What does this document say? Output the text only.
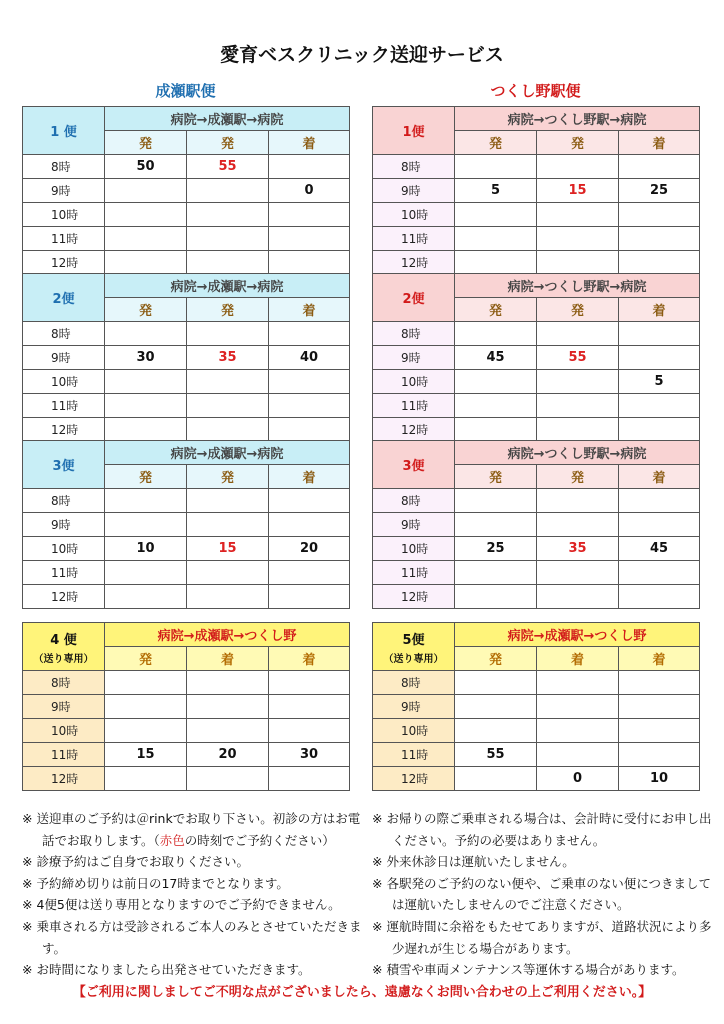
愛育ベスクリニック送迎サービス
成瀬駅便	つくし野駅便
1 便	病院→成瀬駅→病院		
	発	発	着
8時	50	55	
9時			0
10時			
11時			
12時			
2便	病院→成瀬駅→病院		
	発	発	着
8時			
9時	30	35	40
10時			
11時			
12時			
3便	病院→成瀬駅→病院		
	発	発	着
8時			
9時			
10時	10	15	20
11時			
12時			
1便	病院→つくし野駅→病院		
	発	発	着
8時			
9時	5	15	25
10時			
11時			
12時			
2便	病院→つくし野駅→病院		
	発	発	着
8時			
9時	45	55	
10時			5
11時			
12時			
3便	病院→つくし野駅→病院		
	発	発	着
8時			
9時			
10時	25	35	45
11時			
12時			
4 便
（送り専用）	病院→成瀬駅→つくし野		
	発	着	着
8時			
9時			
10時			
11時	15	20	30
12時			
5便
（送り専用）	病院→成瀬駅→つくし野		
	発	着	着
8時			
9時			
10時			
11時	55		
12時		0	10
※ 送迎車のご予約は＠rinkでお取り下さい。初診の方はお電話でお取りします。（赤色の時刻でご予約ください）
※ 診療予約はご自身でお取りください。
※ 予約締め切りは前日の17時までとなります。
※ 4便5便は送り専用となりますのでご予約できません。
※ 乗車される方は受診されるご本人のみとさせていただきます。
※ お時間になりましたら出発させていただきます。
※ お帰りの際ご乗車される場合は、会計時に受付にお申し出ください。予約の必要はありません。
※ 外来休診日は運航いたしません。
※ 各駅発のご予約のない便や、ご乗車のない便につきましては運航いたしませんのでご注意ください。
※ 運航時間に余裕をもたせてありますが、道路状況により多少遅れが生じる場合があります。
※ 積雪や車両メンテナンス等運休する場合があります。
【ご利用に関しましてご不明な点がございましたら、遠慮なくお問い合わせの上ご利用ください。】
